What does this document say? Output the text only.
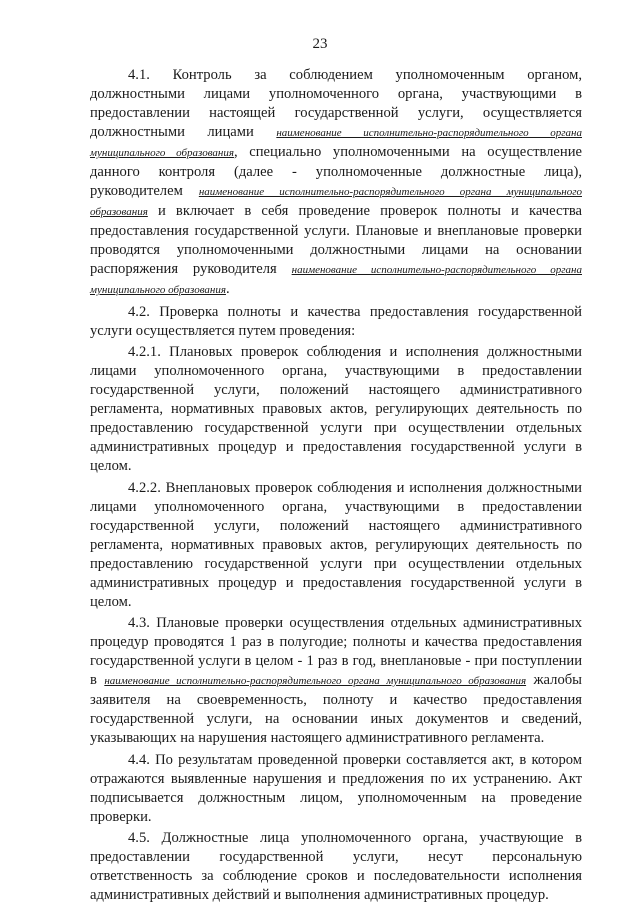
23

4.1. Контроль за соблюдением уполномоченным органом, должностными лицами уполномоченного органа, участвующими в предоставлении настоящей государственной услуги, осуществляется должностными лицами наименование исполнительно-распорядительного органа муниципального образования, специально уполномоченными на осуществление данного контроля (далее - уполномоченные должностные лица), руководителем наименование исполнительно-распорядительного органа муниципального образования и включает в себя проведение проверок полноты и качества предоставления государственной услуги. Плановые и внеплановые проверки проводятся уполномоченными должностными лицами на основании распоряжения руководителя наименование исполнительно-распорядительного органа муниципального образования.

4.2. Проверка полноты и качества предоставления государственной услуги осуществляется путем проведения:

4.2.1. Плановых проверок соблюдения и исполнения должностными лицами уполномоченного органа, участвующими в предоставлении государственной услуги, положений настоящего административного регламента, нормативных правовых актов, регулирующих деятельность по предоставлению государственной услуги при осуществлении отдельных административных процедур и предоставления государственной услуги в целом.

4.2.2. Внеплановых проверок соблюдения и исполнения должностными лицами уполномоченного органа, участвующими в предоставлении государственной услуги, положений настоящего административного регламента, нормативных правовых актов, регулирующих деятельность по предоставлению государственной услуги при осуществлении отдельных административных процедур и предоставления государственной услуги в целом.

4.3. Плановые проверки осуществления отдельных административных процедур проводятся 1 раз в полугодие; полноты и качества предоставления государственной услуги в целом - 1 раз в год, внеплановые - при поступлении в наименование исполнительно-распорядительного органа муниципального образования жалобы заявителя на своевременность, полноту и качество предоставления государственной услуги, на основании иных документов и сведений, указывающих на нарушения настоящего административного регламента.

4.4. По результатам проведенной проверки составляется акт, в котором отражаются выявленные нарушения и предложения по их устранению. Акт подписывается должностным лицом, уполномоченным на проведение проверки.

4.5. Должностные лица уполномоченного органа, участвующие в предоставлении государственной услуги, несут персональную ответственность за соблюдение сроков и последовательности исполнения административных действий и выполнения административных процедур.
